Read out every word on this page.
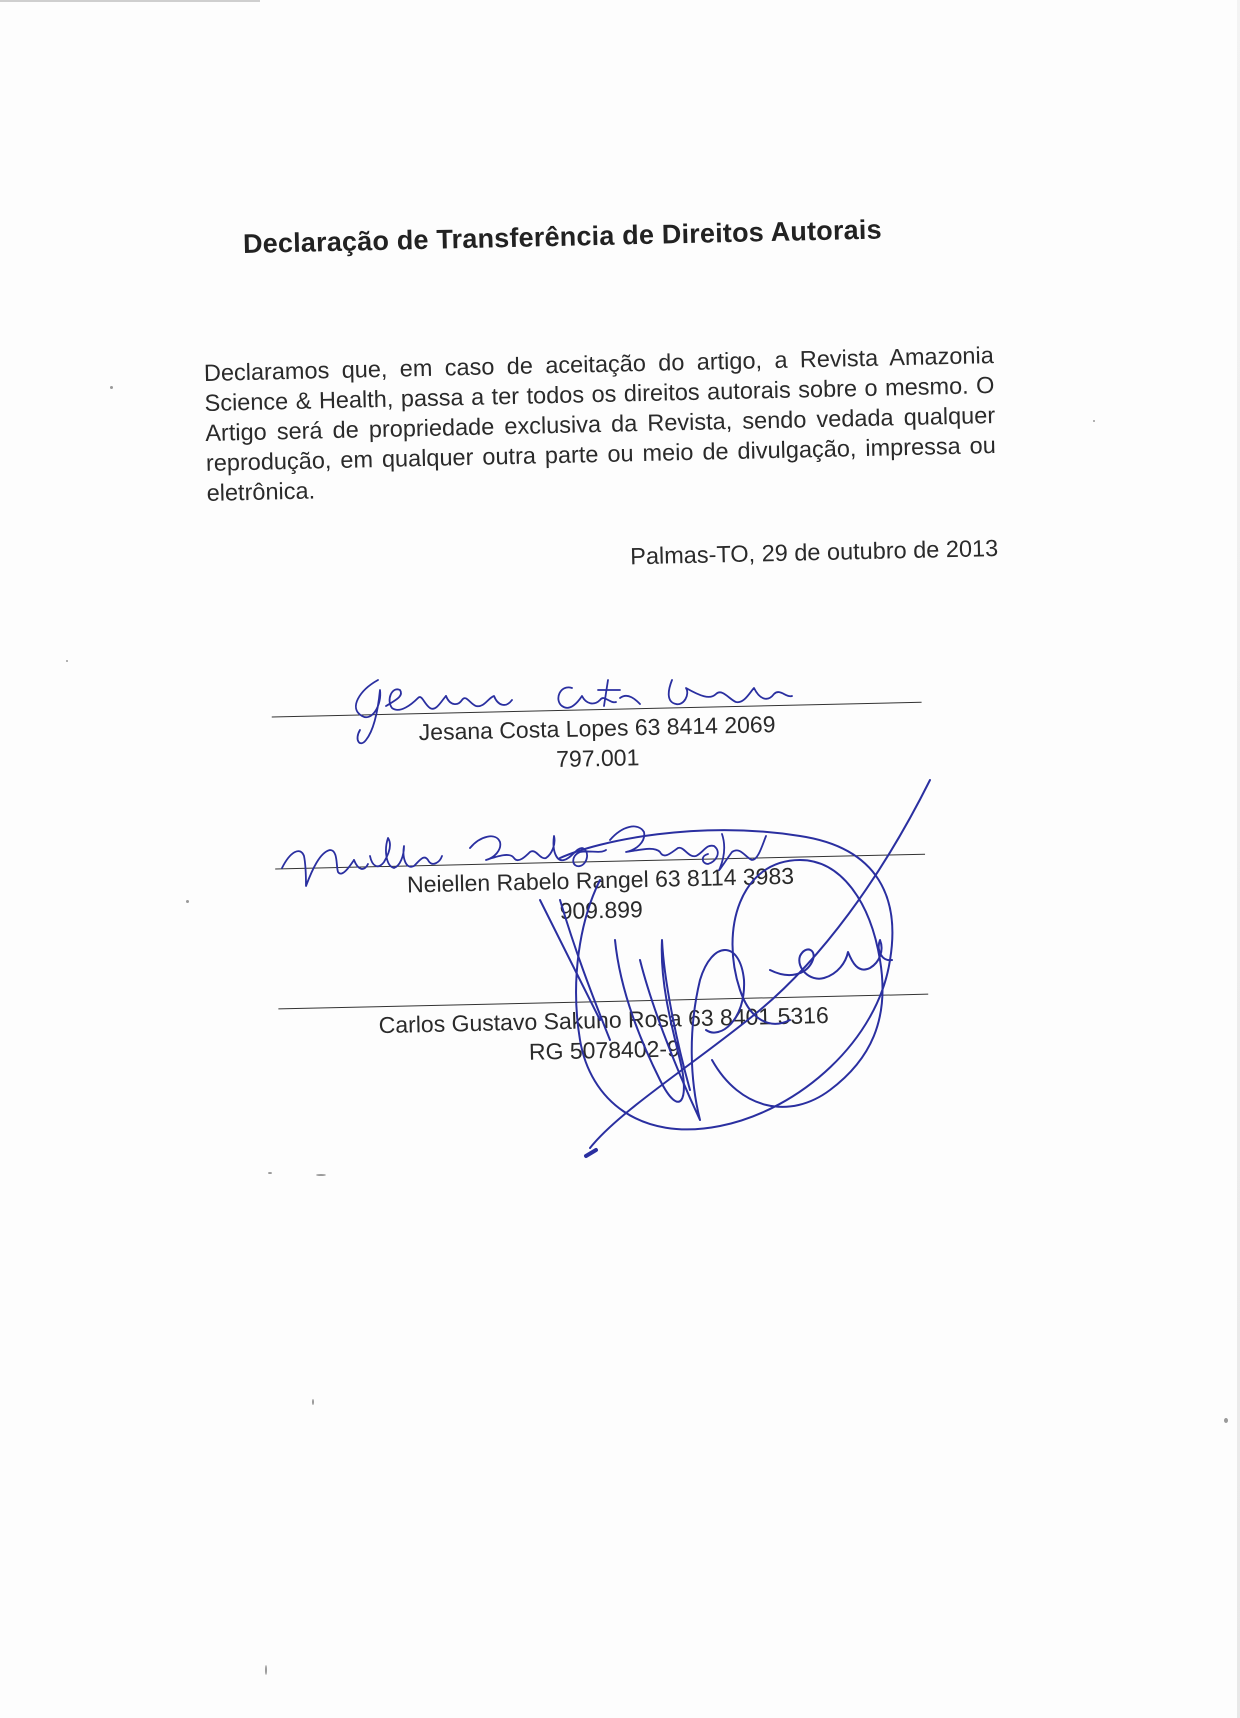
Declaração de Transferência de Direitos Autorais
Declaramos que, em caso de aceitação do artigo, a Revista Amazonia Science & Health, passa a ter todos os direitos autorais sobre o mesmo. O Artigo será de propriedade exclusiva da Revista, sendo vedada qualquer reprodução, em qualquer outra parte ou meio de divulgação, impressa ou eletrônica.
Palmas-TO, 29 de outubro de 2013
Jesana Costa Lopes 63 8414 2069
797.001
Neiellen Rabelo Rangel 63 8114 3983
909.899
Carlos Gustavo Sakuno Rosa 63 8401 5316
RG 5078402-9
